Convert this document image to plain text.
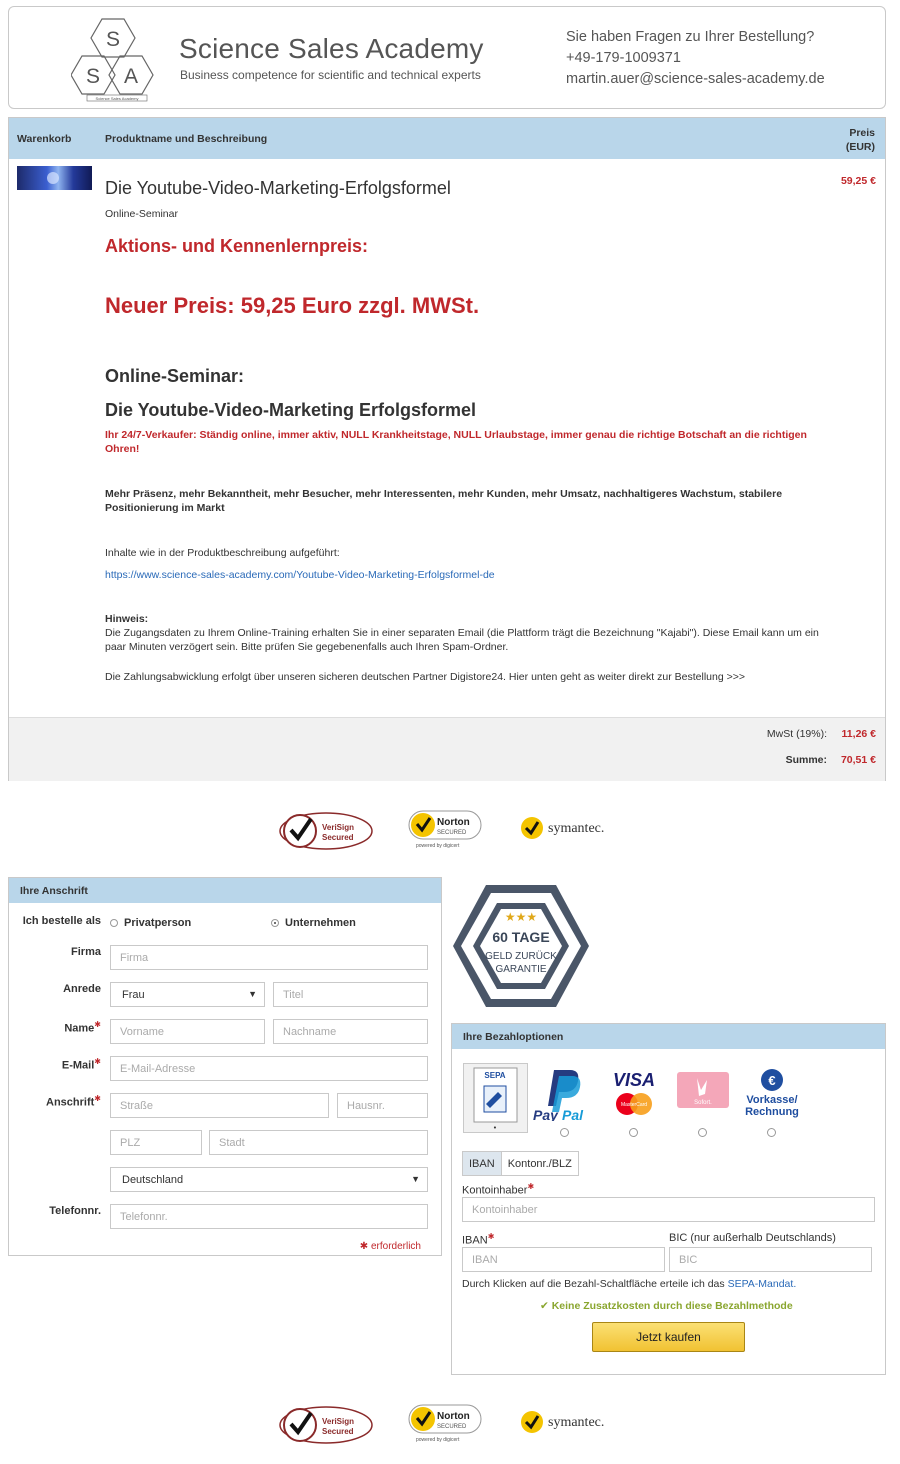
S
S A
Science Sales Academy
Science Sales Academy
Business competence for scientific and technical experts
Sie haben Fragen zu Ihrer Bestellung?
+49-179-1009371
martin.auer@science-sales-academy.de
Warenkorb	Produktname und Beschreibung	Preis
(EUR)
Die Youtube-Video-Marketing-Erfolgsformel	59,25 €
Online-Seminar
Aktions- und Kennenlernpreis:
Neuer Preis: 59,25 Euro zzgl. MWSt.
Online-Seminar:
Die Youtube-Video-Marketing Erfolgsformel
Ihr 24/7-Verkaufer: Ständig online, immer aktiv, NULL Krankheitstage, NULL Urlaubstage, immer genau die richtige Botschaft an die richtigen Ohren!
Mehr Präsenz, mehr Bekanntheit, mehr Besucher, mehr Interessenten, mehr Kunden, mehr Umsatz, nachhaltigeres Wachstum, stabilere Positionierung im Markt
Inhalte wie in der Produktbeschreibung aufgeführt:
https://www.science-sales-academy.com/Youtube-Video-Marketing-Erfolgsformel-de
Hinweis:
Die Zugangsdaten zu Ihrem Online-Training erhalten Sie in einer separaten Email (die Plattform trägt die Bezeichnung "Kajabi"). Diese Email kann um ein paar Minuten verzögert sein. Bitte prüfen Sie gegebenenfalls auch Ihren Spam-Ordner.
Die Zahlungsabwicklung erfolgt über unseren sicheren deutschen Partner Digistore24. Hier unten geht as weiter direkt zur Bestellung >>>
MwSt (19%): 11,26 €
Summe: 70,51 €
VeriSign
Secured
Norton
SECURED
powered by digicert
symantec.
Ihre Anschrift
Ich bestelle als	Privatperson	Unternehmen
Firma	Firma
Anrede	Frau	▼	Titel
Name✱
Vorname	Nachname
E-Mail✱
E-Mail-Adresse
Anschrift✱
Straße	Hausnr.
PLZ	Stadt
Deutschland	▼
Telefonnr.	Telefonnr.
✱ erforderlich
★★★
60 TAGE
GELD ZURÜCK
GARANTIE
Ihre Bezahloptionen
SEPA
•
Pay Pal
VISA
MasterCard	Sofort.
€
Vorkasse/
Rechnung
IBAN Kontonr./BLZ
Kontoinhaber✱
Kontoinhaber
IBAN✱
IBAN
BIC (nur außerhalb Deutschlands)
BIC
Durch Klicken auf die Bezahl-Schaltfläche erteile ich das SEPA-Mandat.
✔ Keine Zusatzkosten durch diese Bezahlmethode
Jetzt kaufen
VeriSign
Secured
Norton
SECURED
powered by digicert
symantec.
